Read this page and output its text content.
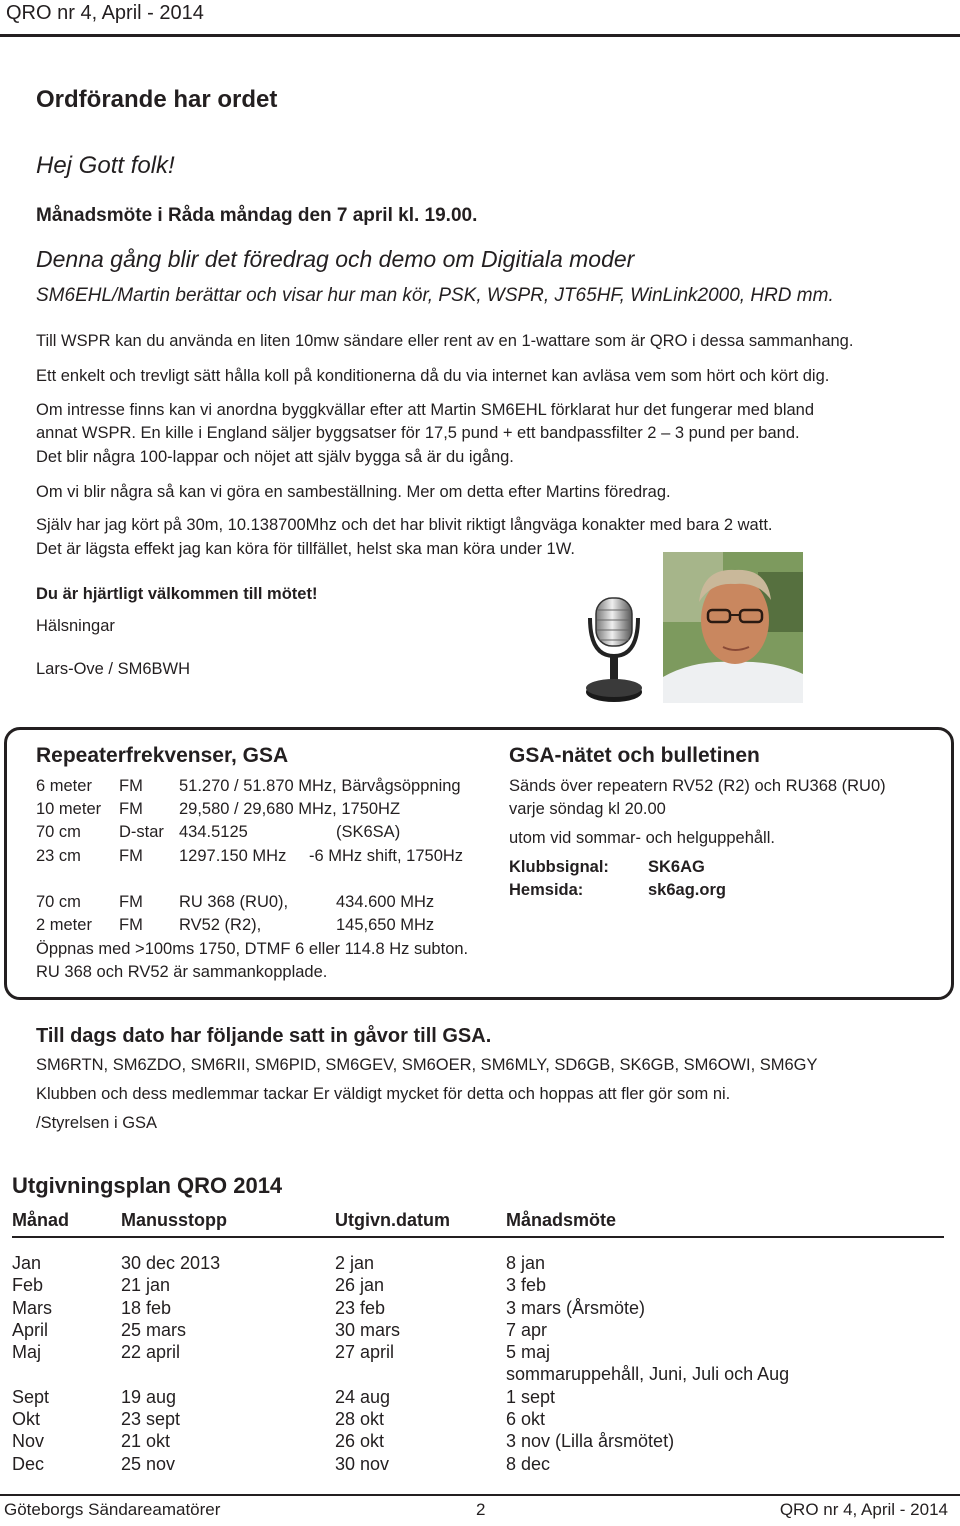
QRO nr 4, April - 2014
Ordförande har ordet
Hej Gott folk!
Månadsmöte i Råda måndag den 7 april kl. 19.00.
Denna gång blir det föredrag och demo om Digitiala moder
SM6EHL/Martin berättar och visar hur man kör, PSK, WSPR, JT65HF, WinLink2000, HRD mm.
Till WSPR kan du använda en liten 10mw sändare eller rent av en 1-wattare som är QRO i dessa sammanhang.
Ett enkelt och trevligt sätt hålla koll på konditionerna då du via internet kan avläsa vem som hört och kört dig.
Om intresse finns kan vi anordna byggkvällar efter att Martin SM6EHL förklarat hur det fungerar med bland
annat WSPR. En kille i England säljer byggsatser för 17,5 pund + ett bandpassfilter 2 – 3 pund per band.
Det blir några 100-lappar och nöjet att själv bygga så är du igång.
Om vi blir några så kan vi göra en sambeställning. Mer om detta efter Martins föredrag.
Själv har jag kört på 30m, 10.138700Mhz och det har blivit riktigt långväga konakter med bara 2 watt.
Det är lägsta effekt jag kan köra för tillfället, helst ska man köra under 1W.
Du är hjärtligt välkommen till mötet!
Hälsningar
Lars-Ove / SM6BWH
Repeaterfrekvenser, GSA
6 meter FM 51.270 / 51.870 MHz, Bärvågsöppning
10 meter FM 29,580 / 29,680 MHz, 1750HZ
70 cm D-star 434.5125	(SK6SA)
23 cm FM 1297.150 MHz -6 MHz shift, 1750Hz
70 cm FM RU 368 (RU0),	434.600 MHz
2 meter FM RV52 (R2),	145,650 MHz
Öppnas med >100ms 1750, DTMF 6 eller 114.8 Hz subton.
RU 368 och RV52 är sammankopplade.
GSA-nätet och bulletinen
Sänds över repeatern RV52 (R2) och RU368 (RU0)
varje söndag kl 20.00
utom vid sommar- och helguppehåll.
Klubbsignal: SK6AG
Hemsida:	sk6ag.org
Till dags dato har följande satt in gåvor till GSA.
SM6RTN, SM6ZDO, SM6RII, SM6PID, SM6GEV, SM6OER, SM6MLY, SD6GB, SK6GB, SM6OWI, SM6GY
Klubben och dess medlemmar tackar Er väldigt mycket för detta och hoppas att fler gör som ni.
/Styrelsen i GSA
Utgivningsplan QRO 2014
Månad	Manusstopp	Utgivn.datum	Månadsmöte
Jan	30 dec 2013	2 jan	8 jan
Feb	21 jan	26 jan	3 feb
Mars	18 feb	23 feb	3 mars (Årsmöte)
April	25 mars	30 mars	7 apr
Maj	22 april	27 april	5 maj
			sommaruppehåll, Juni, Juli och Aug
Sept	19 aug	24 aug	1 sept
Okt	23 sept	28 okt	6 okt
Nov	21 okt	26 okt	3 nov (Lilla årsmötet)
Dec	25 nov	30 nov	8 dec
Göteborgs Sändareamatörer	2	QRO nr 4, April - 2014
